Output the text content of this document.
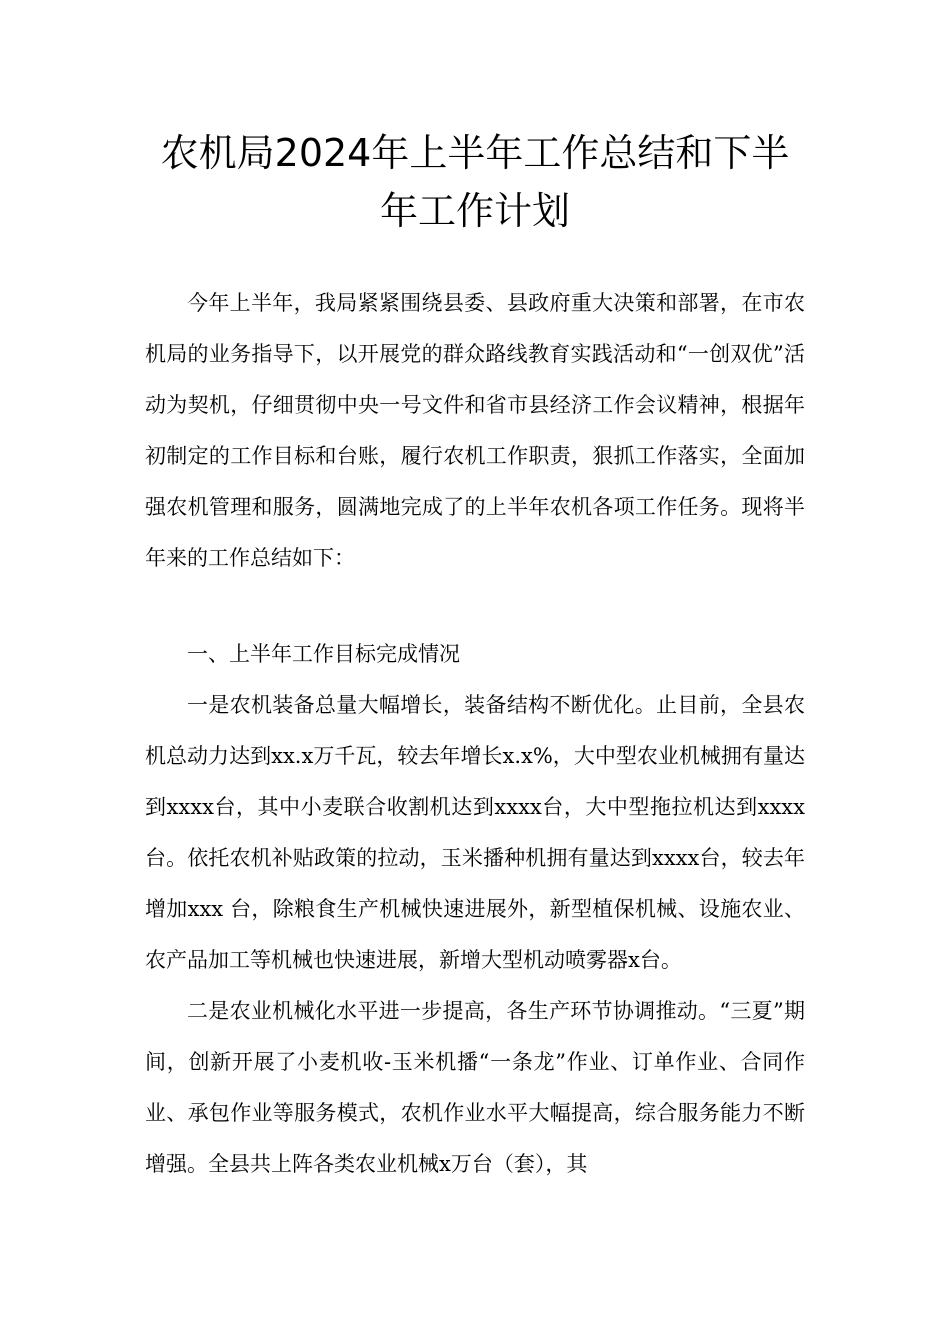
农机局2024年上半年工作总结和下半
年工作计划

今年上半年，我局紧紧围绕县委、县政府重大决策和部署，在市农机局的业务指导下，以开展党的群众路线教育实践活动和“一创双优”活动为契机，仔细贯彻中央一号文件和省市县经济工作会议精神，根据年初制定的工作目标和台账，履行农机工作职责，狠抓工作落实，全面加强农机管理和服务，圆满地完成了的上半年农机各项工作任务。现将半年来的工作总结如下：

一、上半年工作目标完成情况

一是农机装备总量大幅增长，装备结构不断优化。止目前，全县农机总动力达到xx.x万千瓦，较去年增长x.x%，大中型农业机械拥有量达到xxxx台，其中小麦联合收割机达到xxxx台，大中型拖拉机达到xxxx台。依托农机补贴政策的拉动，玉米播种机拥有量达到xxxx台，较去年增加xxx 台，除粮食生产机械快速进展外，新型植保机械、设施农业、农产品加工等机械也快速进展，新增大型机动喷雾器x台。

二是农业机械化水平进一步提高，各生产环节协调推动。“三夏”期间，创新开展了小麦机收-玉米机播“一条龙”作业、订单作业、合同作业、承包作业等服务模式，农机作业水平大幅提高，综合服务能力不断增强。全县共上阵各类农业机械x万台（套），其
